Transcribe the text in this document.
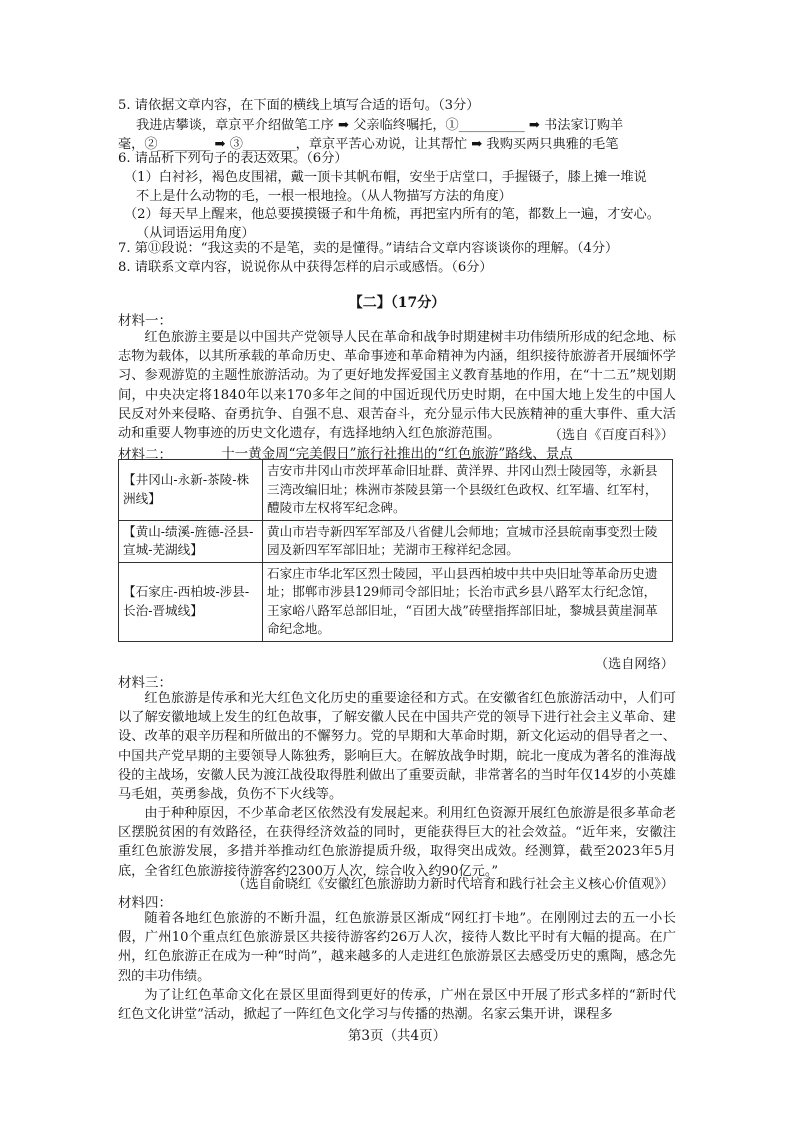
5. 请依据文章内容，在下面的横线上填写合适的语句。（3分）
我进店攀谈，章京平介绍做笔工序 ➡ 父亲临终嘱托，①__________ ➡ 书法家订购羊
毫，②________ ➡ ③________，章京平苦心劝说，让其帮忙 ➡ 我购买两只典雅的毛笔
6. 请品析下列句子的表达效果。（6分）
（1）白衬衫，褐色皮围裙，戴一顶卡其帆布帽，安坐于店堂口，手握镊子，膝上摊一堆说
不上是什么动物的毛，一根一根地捡。（从人物描写方法的角度）
（2）每天早上醒来，他总要摸摸镊子和牛角梳，再把室内所有的笔，都数上一遍，才安心。
（从词语运用角度）
7. 第⑪段说：“我这卖的不是笔，卖的是懂得。”请结合文章内容谈谈你的理解。（4分）
8. 请联系文章内容，说说你从中获得怎样的启示或感悟。（6分）
【二】（17分）
材料一：

红色旅游主要是以中国共产党领导人民在革命和战争时期建树丰功伟绩所形成的纪念地、标志物为载体，以其所承载的革命历史、革命事迹和革命精神为内涵，组织接待旅游者开展缅怀学习、参观游览的主题性旅游活动。为了更好地发挥爱国主义教育基地的作用，在“十二五”规划期间，中央决定将1840年以来170多年之间的中国近现代历史时期，在中国大地上发生的中国人民反对外来侵略、奋勇抗争、自强不息、艰苦奋斗，充分显示伟大民族精神的重大事件、重大活动和重要人物事迹的历史文化遗存，有选择地纳入红色旅游范围。	（选自《百度百科》）
材料二：	十一黄金周“完美假日”旅行社推出的“红色旅游”路线、景点
【井冈山-永新-茶陵-株洲线】	吉安市井冈山市茨坪革命旧址群、黄洋界、井冈山烈士陵园等，永新县三湾改编旧址；株洲市茶陵县第一个县级红色政权、红军墙、红军村，醴陵市左权将军纪念碑。
【黄山-绩溪-旌德-泾县-宣城-芜湖线】	黄山市岩寺新四军军部及八省健儿会师地；宣城市泾县皖南事变烈士陵园及新四军军部旧址；芜湖市王稼祥纪念园。
【石家庄-西柏坡-涉县-长治-晋城线】	石家庄市华北军区烈士陵园，平山县西柏坡中共中央旧址等革命历史遗址；邯郸市涉县129师司令部旧址；长治市武乡县八路军太行纪念馆，王家峪八路军总部旧址，“百团大战”砖壁指挥部旧址，黎城县黄崖洞革命纪念地。
（选自网络）
材料三：

红色旅游是传承和光大红色文化历史的重要途径和方式。在安徽省红色旅游活动中，人们可以了解安徽地域上发生的红色故事，了解安徽人民在中国共产党的领导下进行社会主义革命、建设、改革的艰辛历程和所做出的不懈努力。党的早期和大革命时期，新文化运动的倡导者之一、中国共产党早期的主要领导人陈独秀，影响巨大。在解放战争时期，皖北一度成为著名的淮海战役的主战场，安徽人民为渡江战役取得胜利做出了重要贡献，非常著名的当时年仅14岁的小英雄马毛姐，英勇参战，负伤不下火线等。

由于种种原因，不少革命老区依然没有发展起来。利用红色资源开展红色旅游是很多革命老区摆脱贫困的有效路径，在获得经济效益的同时，更能获得巨大的社会效益。“近年来，安徽注重红色旅游发展，多措并举推动红色旅游提质升级，取得突出成效。经测算，截至2023年5月底，全省红色旅游接待游客约2300万人次，综合收入约90亿元。”

（选自俞晓红《安徽红色旅游助力新时代培育和践行社会主义核心价值观》）
材料四：

随着各地红色旅游的不断升温，红色旅游景区渐成“网红打卡地”。在刚刚过去的五一小长假，广州10个重点红色旅游景区共接待游客约26万人次，接待人数比平时有大幅的提高。在广州，红色旅游正在成为一种“时尚”，越来越多的人走进红色旅游景区去感受历史的熏陶，感念先烈的丰功伟绩。

为了让红色革命文化在景区里面得到更好的传承，广州在景区中开展了形式多样的“新时代红色文化讲堂”活动，掀起了一阵红色文化学习与传播的热潮。名家云集开讲，课程多

第3页（共4页）
